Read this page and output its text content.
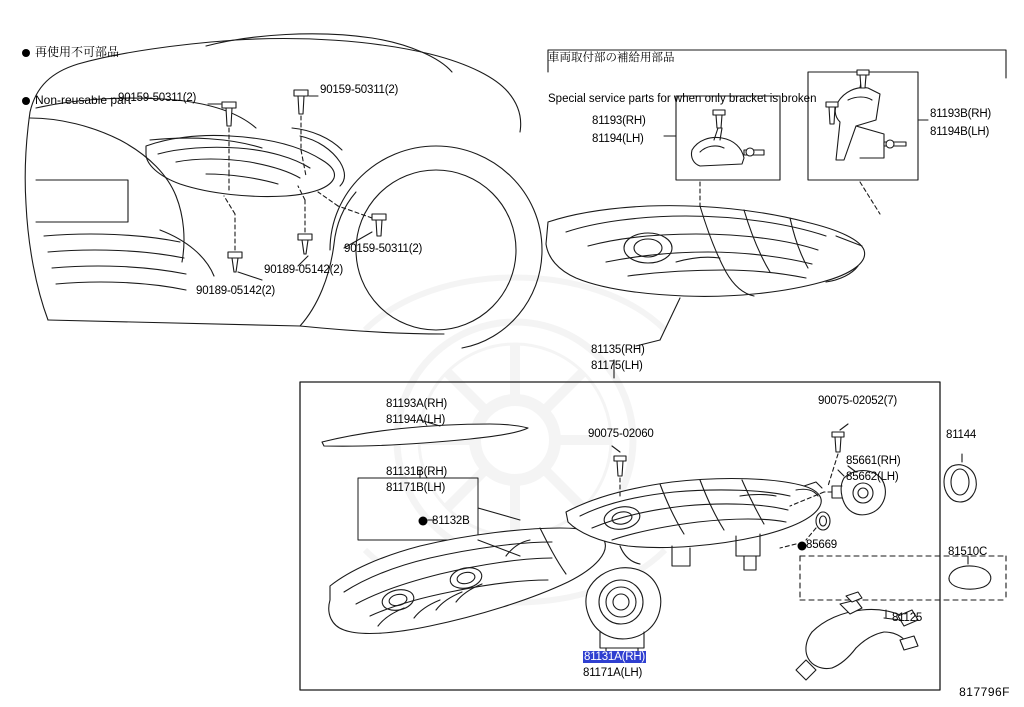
再使用不可部品

Non-reusable part

車両取付部の補給用部品

Special service parts for when only bracket is broken

90159-50311(2)
90159-50311(2)
90159-50311(2)
90189-05142(2)
90189-05142(2)
81193(RH)
81194(LH)
81193B(RH)
81194B(LH)
81135(RH)
81175(LH)
81193A(RH)
81194A(LH)
81131B(RH)
81171B(LH)
81132B
90075-02060
90075-02052(7)
85661(RH)
85662(LH)
85669
81144
81510C
81125
81131A(RH)
81171A(LH)
817796F
